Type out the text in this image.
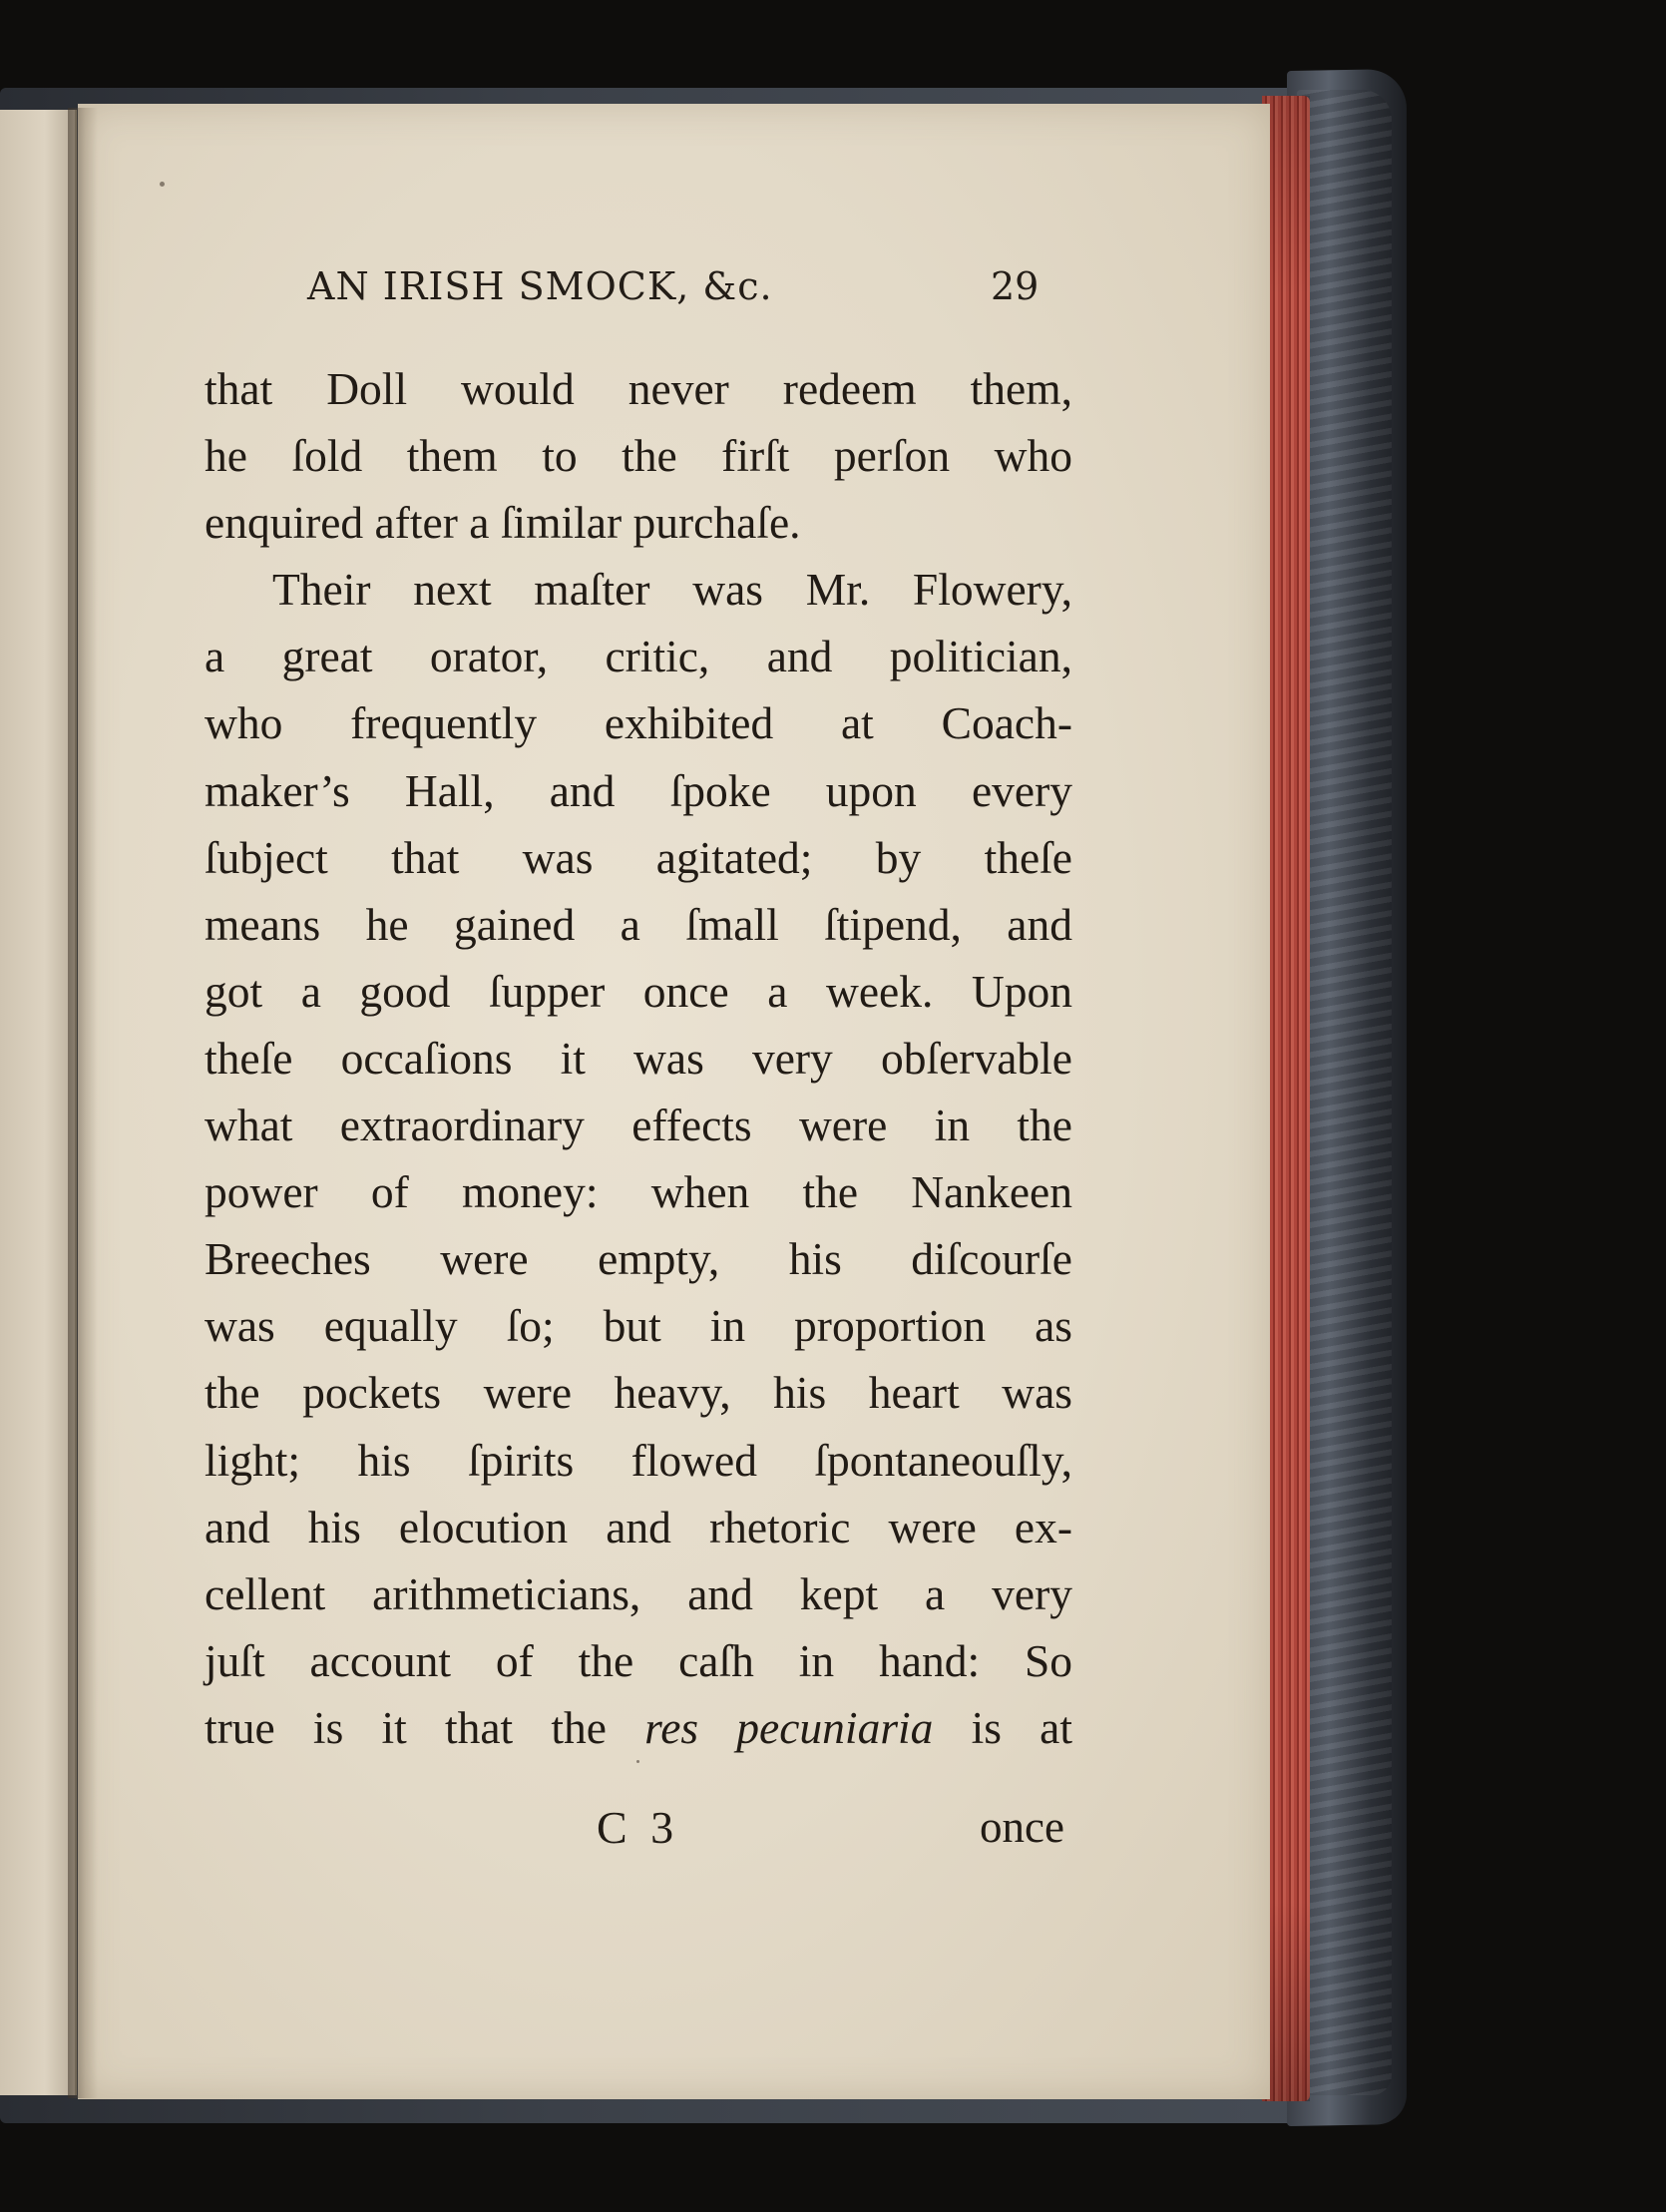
AN IRISH SMOCK, &c.	29
that Doll would never redeem them,
he ſold them to the firſt perſon who
enquired after a ſimilar purchaſe.
Their next maſter was Mr. Flowery,
a great orator, critic, and politician,
who frequently exhibited at Coach-
maker’s Hall, and ſpoke upon every
ſubject that was agitated; by theſe
means he gained a ſmall ſtipend, and
got a good ſupper once a week. Upon
theſe occaſions it was very obſervable
what extraordinary effects were in the
power of money: when the Nankeen
Breeches were empty, his diſcourſe
was equally ſo; but in proportion as
the pockets were heavy, his heart was
light; his ſpirits flowed ſpontaneouſly,
and his elocution and rhetoric were ex-
cellent arithmeticians, and kept a very
juſt account of the caſh in hand: So
true is it that the res pecuniaria is at
C 3	once
